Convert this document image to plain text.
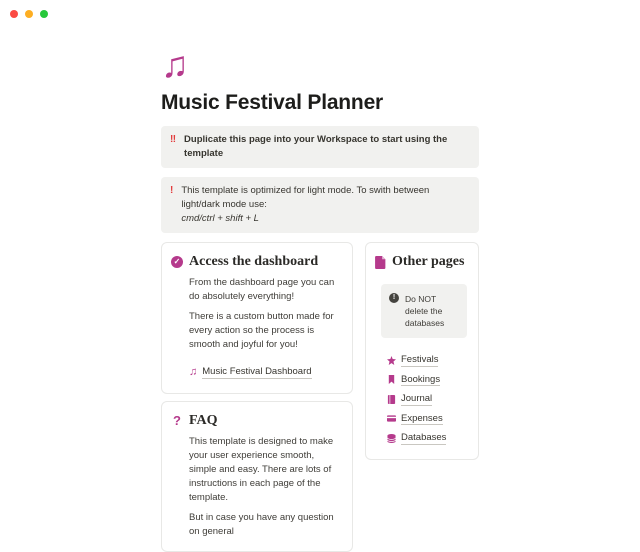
♫
Music Festival Planner
‼ Duplicate this page into your Workspace to start using the template
! This template is optimized for light mode. To swith between light/dark mode use:
cmd/ctrl + shift + L
✓ Access the dashboard

From the dashboard page you can do absolutely everything!

There is a custom button made for every action so the process is smooth and joyful for you!

♫ Music Festival Dashboard
? FAQ

This template is designed to make your user experience smooth, simple and easy. There are lots of instructions in each page of the template.

But in case you have any question on general

Other pages
!	Do NOT delete the databases
Festivals
Bookings
Journal
Expenses
Databases
